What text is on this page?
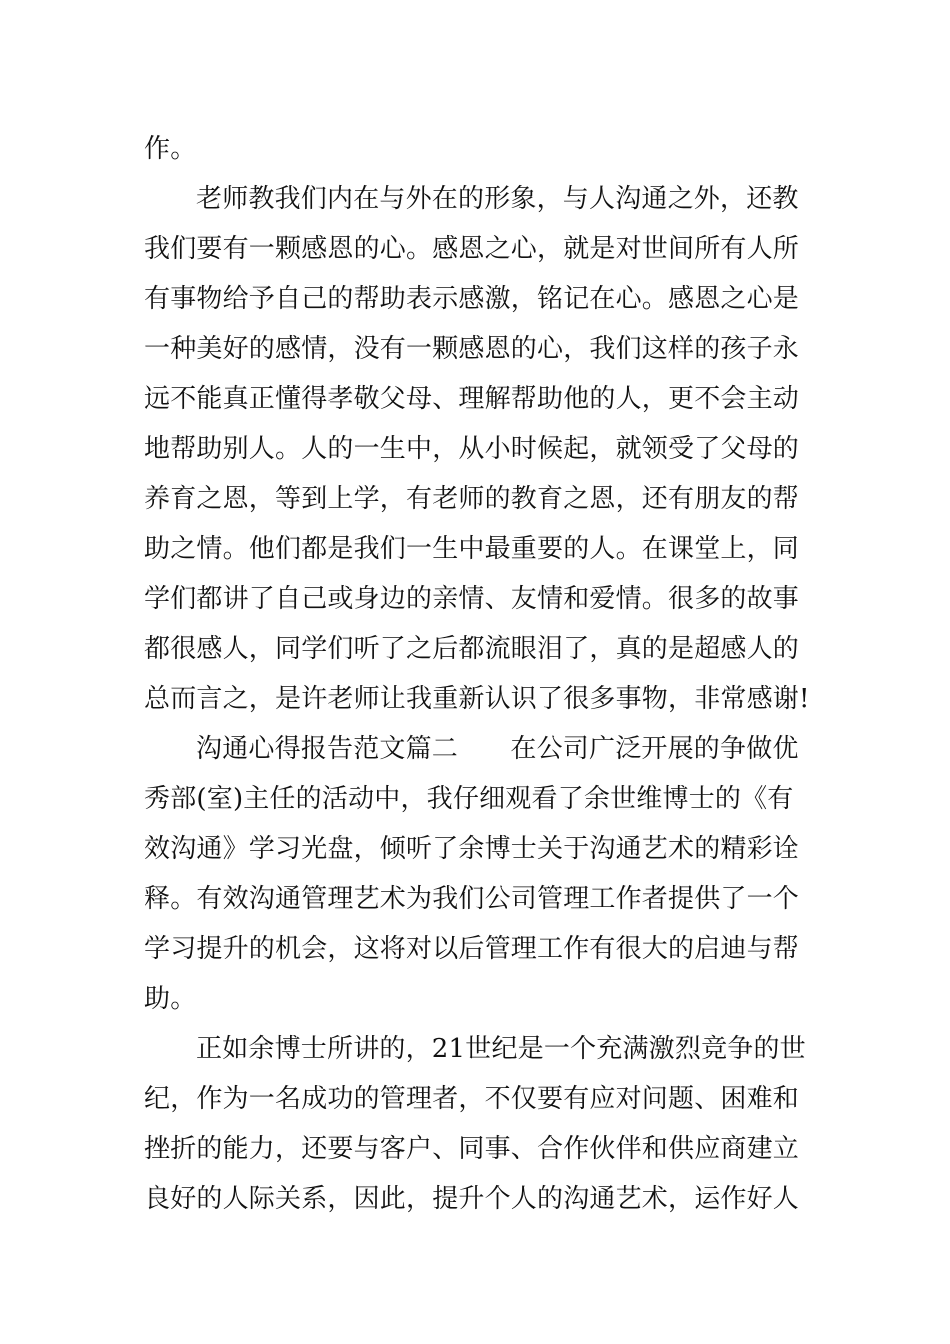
作。
老师教我们内在与外在的形象，与人沟通之外，还教
我们要有一颗感恩的心。感恩之心，就是对世间所有人所
有事物给予自己的帮助表示感激，铭记在心。感恩之心是
一种美好的感情，没有一颗感恩的心，我们这样的孩子永
远不能真正懂得孝敬父母、理解帮助他的人，更不会主动
地帮助别人。人的一生中，从小时候起，就领受了父母的
养育之恩，等到上学，有老师的教育之恩，还有朋友的帮
助之情。他们都是我们一生中最重要的人。在课堂上，同
学们都讲了自己或身边的亲情、友情和爱情。很多的故事
都很感人，同学们听了之后都流眼泪了，真的是超感人的
总而言之，是许老师让我重新认识了很多事物，非常感谢!
沟通心得报告范文篇二　　在公司广泛开展的争做优
秀部(室)主任的活动中，我仔细观看了余世维博士的《有
效沟通》学习光盘，倾听了余博士关于沟通艺术的精彩诠
释。有效沟通管理艺术为我们公司管理工作者提供了一个
学习提升的机会，这将对以后管理工作有很大的启迪与帮
助。
正如余博士所讲的，21世纪是一个充满激烈竞争的世
纪，作为一名成功的管理者，不仅要有应对问题、困难和
挫折的能力，还要与客户、同事、合作伙伴和供应商建立
良好的人际关系，因此，提升个人的沟通艺术，运作好人
